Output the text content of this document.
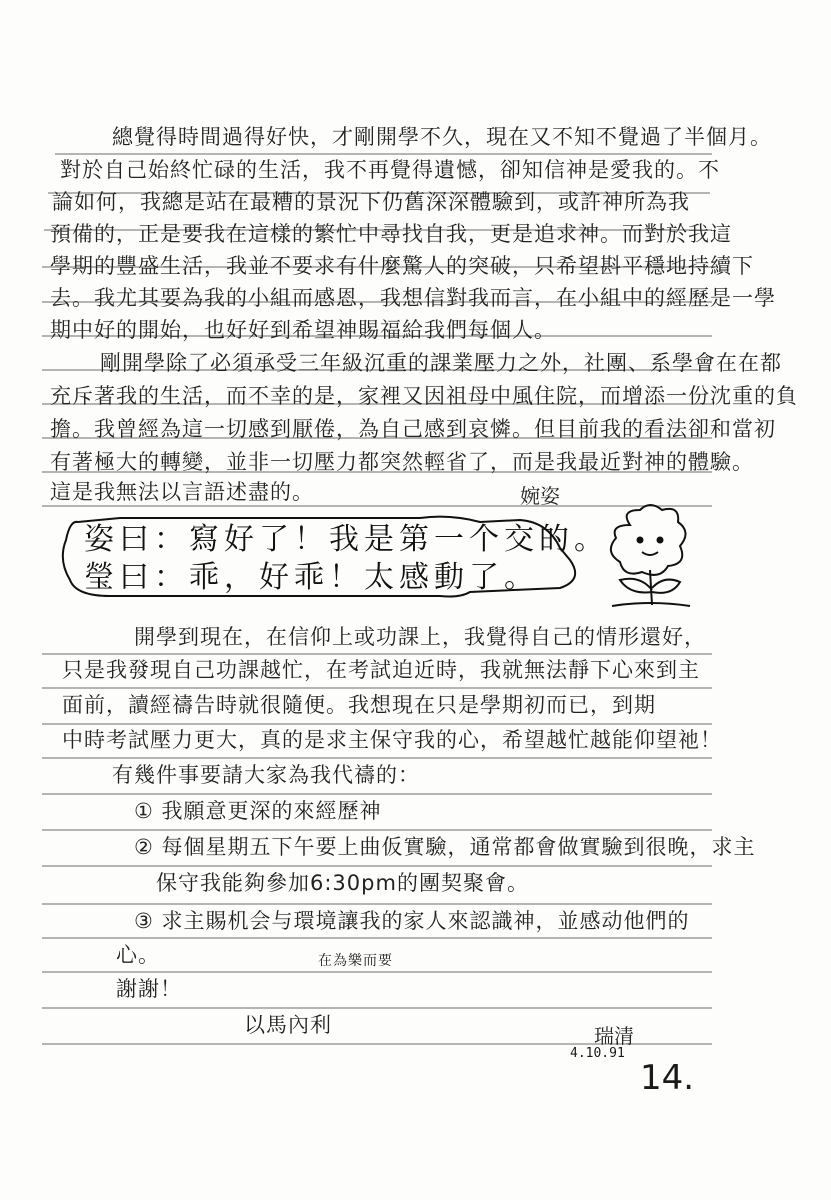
總覺得時間過得好快，才剛開學不久，現在又不知不覺過了半個月。
對於自己始終忙碌的生活，我不再覺得遺憾，卻知信神是愛我的。不
論如何，我總是站在最糟的景況下仍舊深深體驗到，或許神所為我
預備的，正是要我在這樣的繁忙中尋找自我，更是追求神。而對於我這
學期的豐盛生活，我並不要求有什麼驚人的突破，只希望斟平穩地持續下
去。我尤其要為我的小組而感恩，我想信對我而言，在小組中的經歷是一學
期中好的開始，也好好到希望神賜福給我們每個人。
剛開學除了必須承受三年級沉重的課業壓力之外，社團、系學會在在都
充斥著我的生活，而不幸的是，家裡又因祖母中風住院，而增添一份沈重的負
擔。我曾經為這一切感到厭倦，為自己感到哀憐。但目前我的看法卻和當初
有著極大的轉變，並非一切壓力都突然輕省了，而是我最近對神的體驗。
這是我無法以言語述盡的。	婉姿
姿曰：寫好了！我是第一个交的。
瑩曰：乖，好乖！太感動了。
開學到現在，在信仰上或功課上，我覺得自己的情形還好，
只是我發現自己功課越忙，在考試迫近時，我就無法靜下心來到主
面前，讀經禱告時就很隨便。我想現在只是學期初而已，到期
中時考試壓力更大，真的是求主保守我的心，希望越忙越能仰望祂！
有幾件事要請大家為我代禱的：
① 我願意更深的來經歷神
② 每個星期五下午要上曲仮實驗，通常都會做實驗到很晚，求主
保守我能夠參加6:30pm的團契聚會。
③ 求主賜机会与環境讓我的家人來認識神，並感动他們的
心。	在為樂而要
謝謝！
以馬內利	瑞清
4.10.91
14.
